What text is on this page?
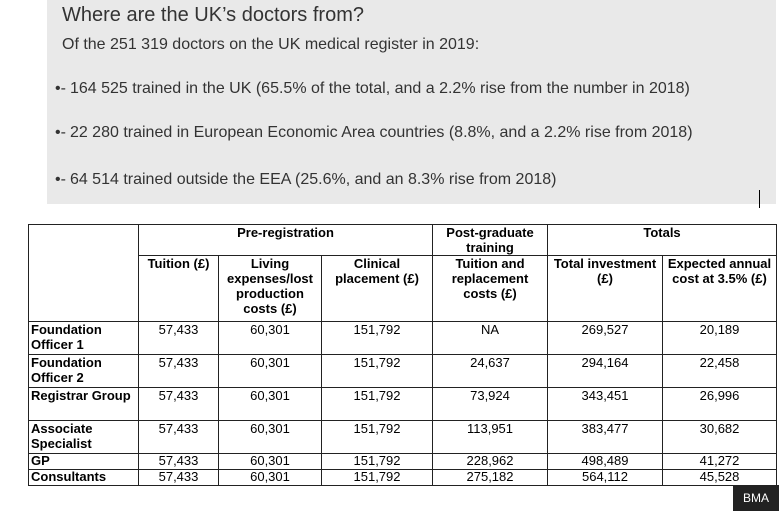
Where are the UK’s doctors from?
Of the 251 319 doctors on the UK medical register in 2019:
•- 164 525 trained in the UK (65.5% of the total, and a 2.2% rise from the number in 2018)
•- 22 280 trained in European Economic Area countries (8.8%, and a 2.2% rise from 2018)
•- 64 514 trained outside the EEA (25.6%, and an 8.3% rise from 2018)
	Pre-registration			Post-graduate training	Totals	
	Tuition (£)	Living expenses/lost production costs (£)	Clinical placement (£)	Tuition and replacement costs (£)	Total investment (£)	Expected annual cost at 3.5% (£)
Foundation Officer 1	57,433	60,301	151,792	NA	269,527	20,189
Foundation Officer 2	57,433	60,301	151,792	24,637	294,164	22,458
Registrar Group	57,433	60,301	151,792	73,924	343,451	26,996
Associate Specialist	57,433	60,301	151,792	113,951	383,477	30,682
GP	57,433	60,301	151,792	228,962	498,489	41,272
Consultants	57,433	60,301	151,792	275,182	564,112	45,528
BMA
